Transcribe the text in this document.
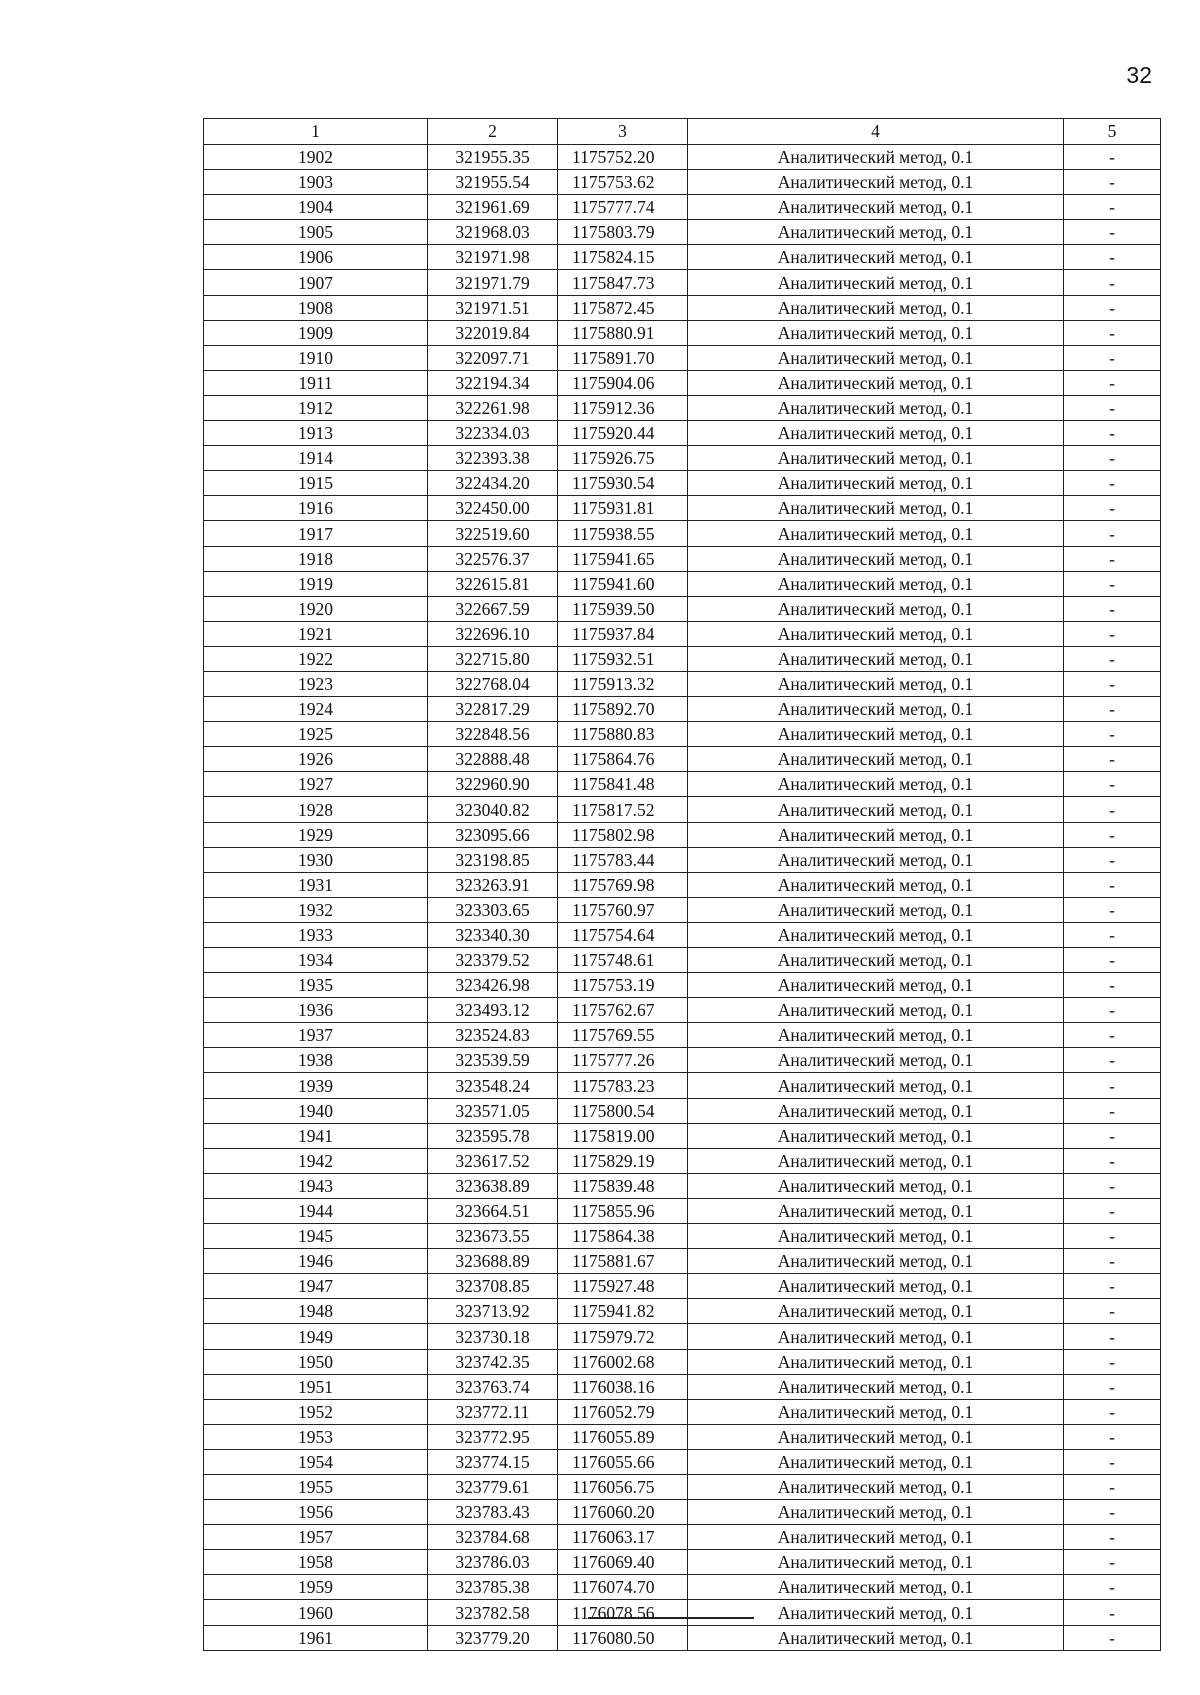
32
1	2	3	4	5
1902	321955.35	1175752.20	Аналитический метод, 0.1	-
1903	321955.54	1175753.62	Аналитический метод, 0.1	-
1904	321961.69	1175777.74	Аналитический метод, 0.1	-
1905	321968.03	1175803.79	Аналитический метод, 0.1	-
1906	321971.98	1175824.15	Аналитический метод, 0.1	-
1907	321971.79	1175847.73	Аналитический метод, 0.1	-
1908	321971.51	1175872.45	Аналитический метод, 0.1	-
1909	322019.84	1175880.91	Аналитический метод, 0.1	-
1910	322097.71	1175891.70	Аналитический метод, 0.1	-
1911	322194.34	1175904.06	Аналитический метод, 0.1	-
1912	322261.98	1175912.36	Аналитический метод, 0.1	-
1913	322334.03	1175920.44	Аналитический метод, 0.1	-
1914	322393.38	1175926.75	Аналитический метод, 0.1	-
1915	322434.20	1175930.54	Аналитический метод, 0.1	-
1916	322450.00	1175931.81	Аналитический метод, 0.1	-
1917	322519.60	1175938.55	Аналитический метод, 0.1	-
1918	322576.37	1175941.65	Аналитический метод, 0.1	-
1919	322615.81	1175941.60	Аналитический метод, 0.1	-
1920	322667.59	1175939.50	Аналитический метод, 0.1	-
1921	322696.10	1175937.84	Аналитический метод, 0.1	-
1922	322715.80	1175932.51	Аналитический метод, 0.1	-
1923	322768.04	1175913.32	Аналитический метод, 0.1	-
1924	322817.29	1175892.70	Аналитический метод, 0.1	-
1925	322848.56	1175880.83	Аналитический метод, 0.1	-
1926	322888.48	1175864.76	Аналитический метод, 0.1	-
1927	322960.90	1175841.48	Аналитический метод, 0.1	-
1928	323040.82	1175817.52	Аналитический метод, 0.1	-
1929	323095.66	1175802.98	Аналитический метод, 0.1	-
1930	323198.85	1175783.44	Аналитический метод, 0.1	-
1931	323263.91	1175769.98	Аналитический метод, 0.1	-
1932	323303.65	1175760.97	Аналитический метод, 0.1	-
1933	323340.30	1175754.64	Аналитический метод, 0.1	-
1934	323379.52	1175748.61	Аналитический метод, 0.1	-
1935	323426.98	1175753.19	Аналитический метод, 0.1	-
1936	323493.12	1175762.67	Аналитический метод, 0.1	-
1937	323524.83	1175769.55	Аналитический метод, 0.1	-
1938	323539.59	1175777.26	Аналитический метод, 0.1	-
1939	323548.24	1175783.23	Аналитический метод, 0.1	-
1940	323571.05	1175800.54	Аналитический метод, 0.1	-
1941	323595.78	1175819.00	Аналитический метод, 0.1	-
1942	323617.52	1175829.19	Аналитический метод, 0.1	-
1943	323638.89	1175839.48	Аналитический метод, 0.1	-
1944	323664.51	1175855.96	Аналитический метод, 0.1	-
1945	323673.55	1175864.38	Аналитический метод, 0.1	-
1946	323688.89	1175881.67	Аналитический метод, 0.1	-
1947	323708.85	1175927.48	Аналитический метод, 0.1	-
1948	323713.92	1175941.82	Аналитический метод, 0.1	-
1949	323730.18	1175979.72	Аналитический метод, 0.1	-
1950	323742.35	1176002.68	Аналитический метод, 0.1	-
1951	323763.74	1176038.16	Аналитический метод, 0.1	-
1952	323772.11	1176052.79	Аналитический метод, 0.1	-
1953	323772.95	1176055.89	Аналитический метод, 0.1	-
1954	323774.15	1176055.66	Аналитический метод, 0.1	-
1955	323779.61	1176056.75	Аналитический метод, 0.1	-
1956	323783.43	1176060.20	Аналитический метод, 0.1	-
1957	323784.68	1176063.17	Аналитический метод, 0.1	-
1958	323786.03	1176069.40	Аналитический метод, 0.1	-
1959	323785.38	1176074.70	Аналитический метод, 0.1	-
1960	323782.58	1176078.56	Аналитический метод, 0.1	-
1961	323779.20	1176080.50	Аналитический метод, 0.1	-
